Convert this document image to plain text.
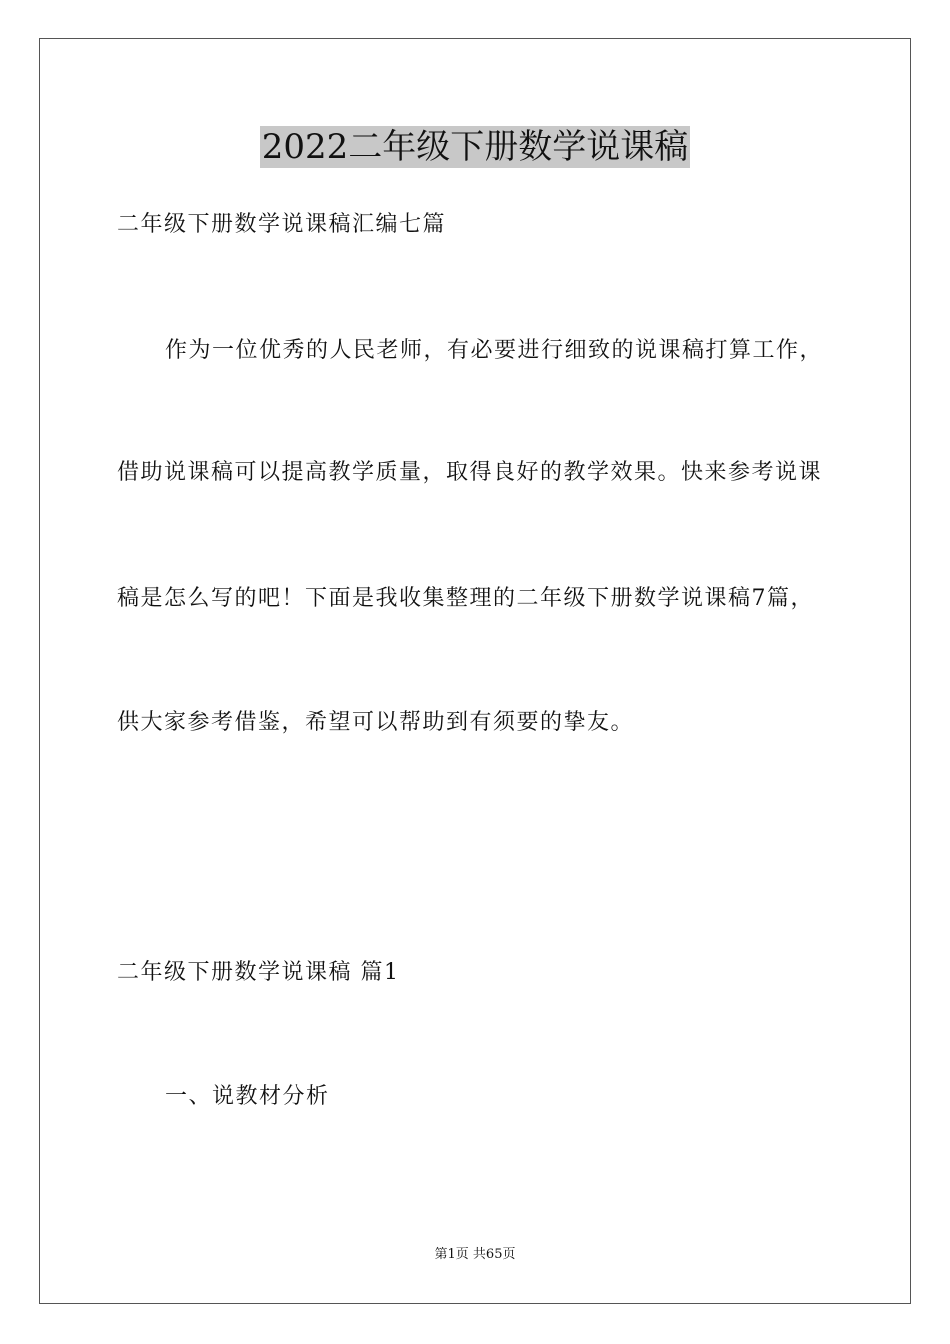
2022二年级下册数学说课稿
二年级下册数学说课稿汇编七篇
作为一位优秀的人民老师，有必要进行细致的说课稿打算工作，
借助说课稿可以提高教学质量，取得良好的教学效果。快来参考说课
稿是怎么写的吧！下面是我收集整理的二年级下册数学说课稿7篇，
供大家参考借鉴，希望可以帮助到有须要的挚友。
二年级下册数学说课稿 篇1
一、说教材分析
第1页 共65页
